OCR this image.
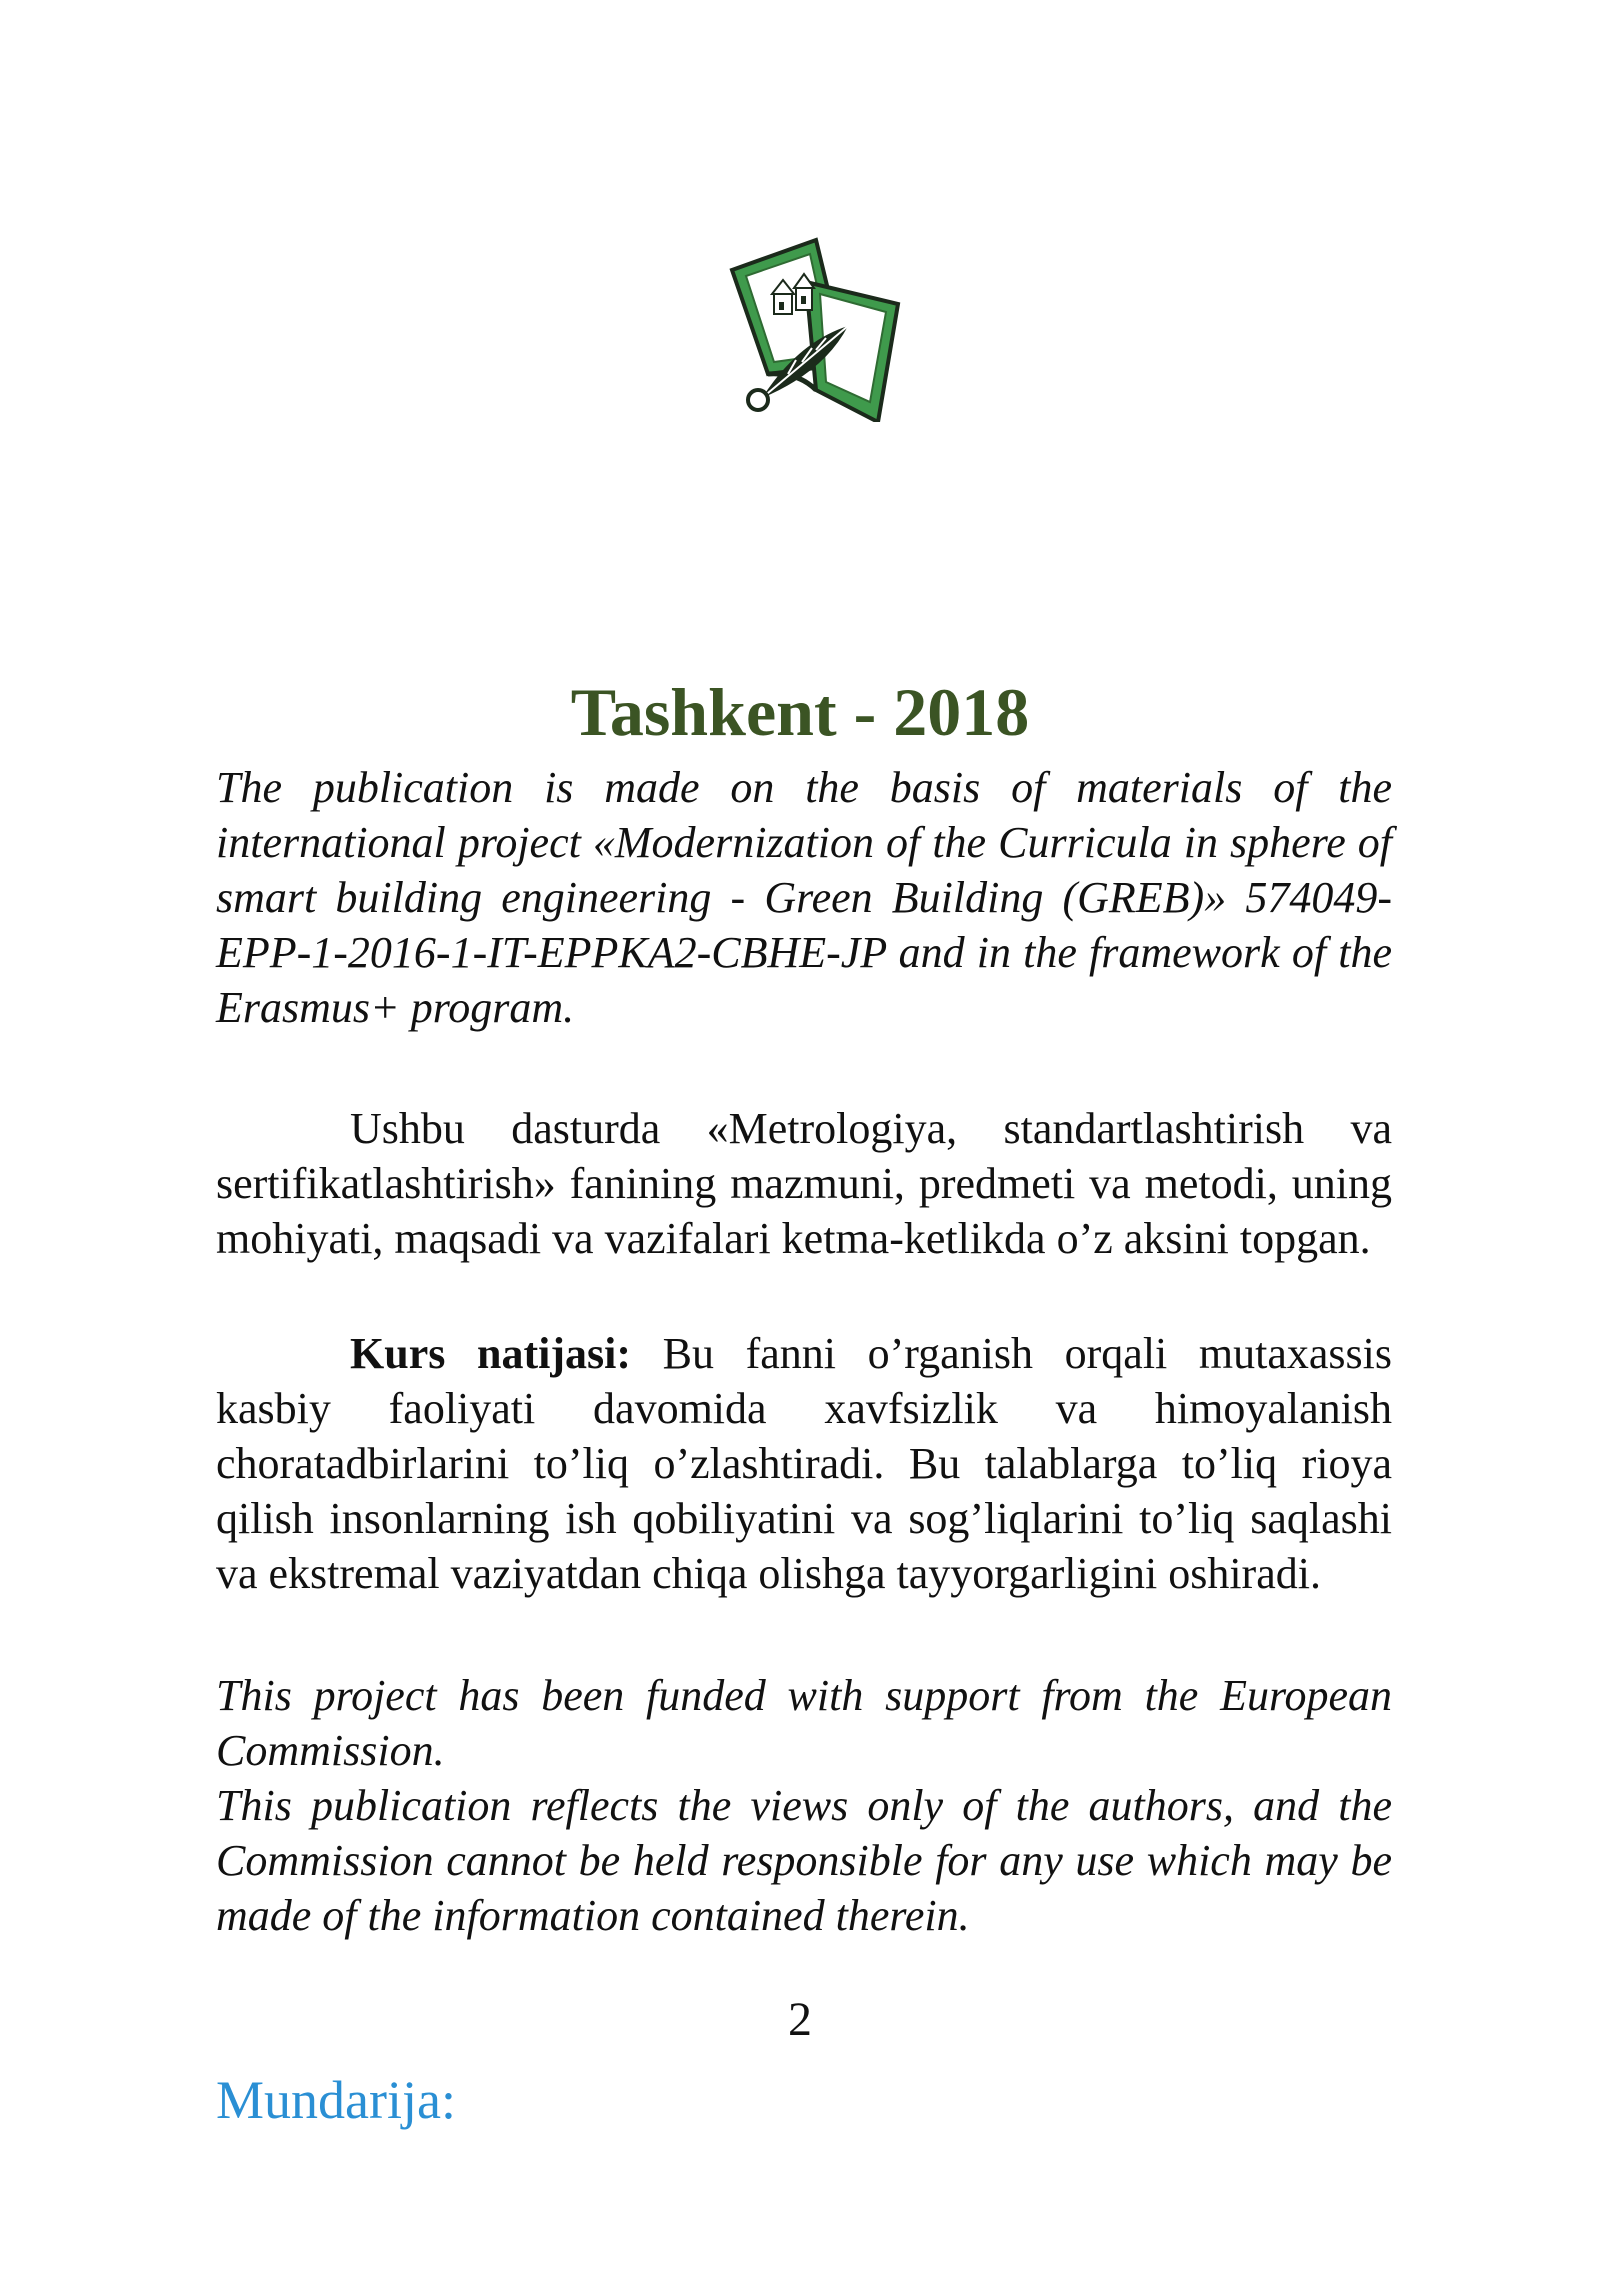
Tashkent - 2018

The publication is made on the basis of materials of the international project «Modernization of the Curricula in sphere of smart building engineering - Green Building (GREB)» 574049-EPP-1-2016-1-IT-EPPKA2-CBHE-JP and in the framework of the Erasmus+ program.

Ushbu dasturda «Metrologiya, standartlashtirish va sertifikatlashtirish» fanining mazmuni, predmeti va metodi, uning mohiyati, maqsadi va vazifalari ketma-ketlikda o’z aksini topgan.

Kurs natijasi: Bu fanni o’rganish orqali mutaxassis kasbiy faoliyati davomida xavfsizlik va himoyalanish choratadbirlarini to’liq o’zlashtiradi. Bu talablarga to’liq rioya qilish insonlarning ish qobiliyatini va sog’liqlarini to’liq saqlashi va ekstremal vaziyatdan chiqa olishga tayyorgarligini oshiradi.

This project has been funded with support from the European Commission.

This publication reflects the views only of the authors, and the Commission cannot be held responsible for any use which may be made of the information contained therein.

2
Mundarija:
